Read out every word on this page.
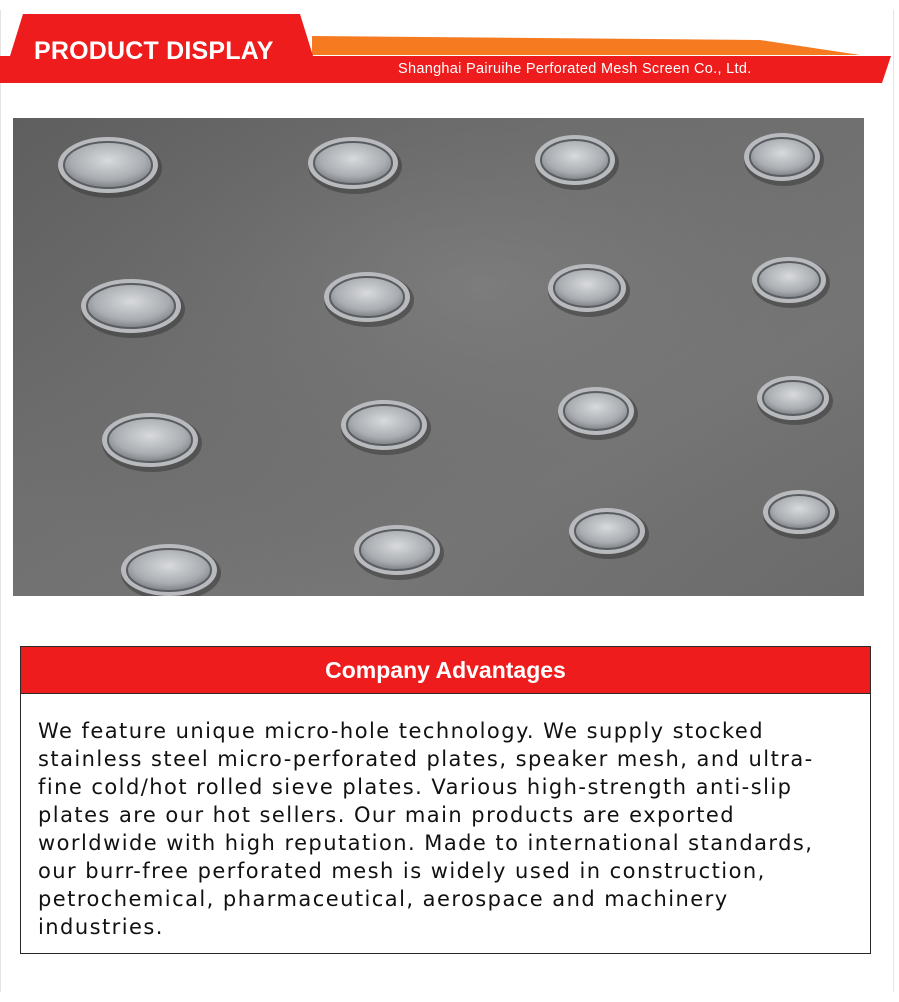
PRODUCT DISPLAY
Shanghai Pairuihe Perforated Mesh Screen Co., Ltd.
Company Advantages
We feature unique micro-hole technology. We supply stocked stainless steel micro-perforated plates, speaker mesh, and ultra-fine cold/hot rolled sieve plates. Various high-strength anti-slip plates are our hot sellers. Our main products are exported worldwide with high reputation. Made to international standards, our burr-free perforated mesh is widely used in construction, petrochemical, pharmaceutical, aerospace and machinery industries.
